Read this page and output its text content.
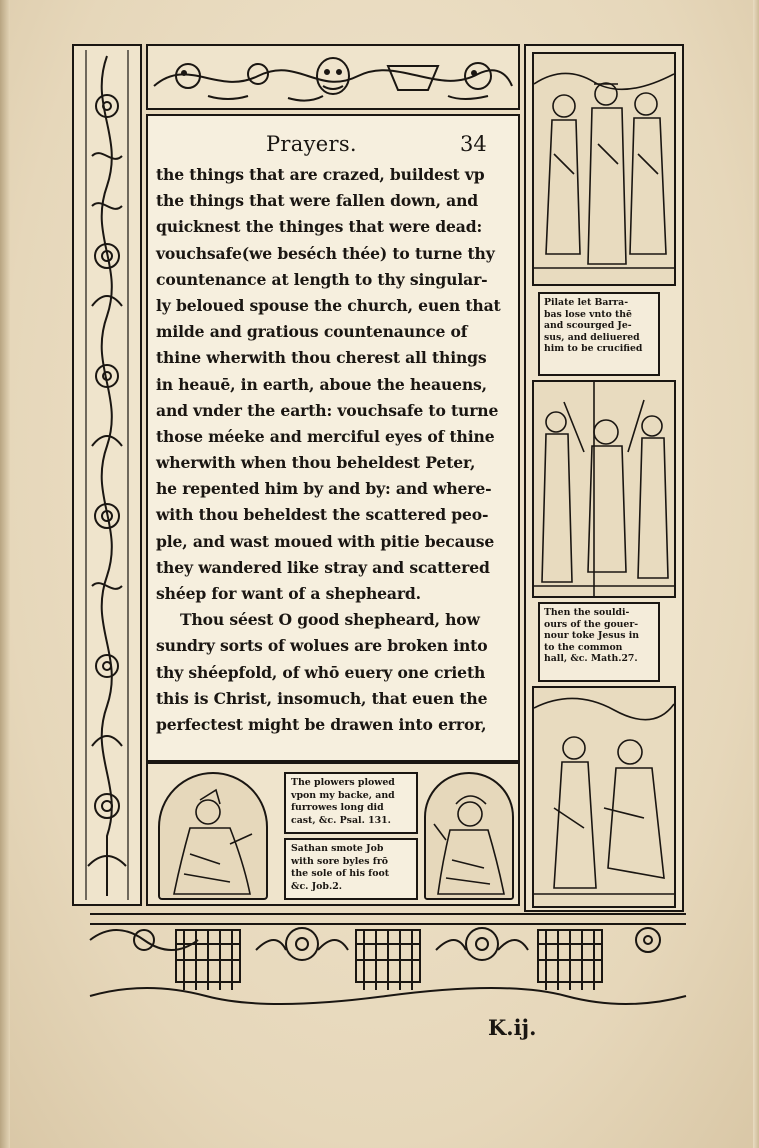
Prayers.	34
the things that are crazed, buildest vp
the things that were fallen down, and
quicknest the thinges that were dead:
vouchsafe(we beséch thée) to turne thy
countenance at length to thy singular-
ly beloued spouse the church, euen that
milde and gratious countenaunce of
thine wherwith thou cherest all things
in heauē, in earth, aboue the heauens,
and vnder the earth: vouchsafe to turne
those méeke and merciful eyes of thine
wherwith when thou beheldest Peter,
he repented him by and by: and where-
with thou beheldest the scattered peo-
ple, and wast moued with pitie because
they wandered like stray and scattered
shéep for want of a shepheard.
Thou séest O good shepheard, how
sundry sorts of wolues are broken into
thy shéepfold, of whō euery one crieth
this is Christ, insomuch, that euen the
perfectest might be drawen into error,
Pilate let Barra-
bas lose vnto thē
and scourged Je-
sus, and deliuered
him to be crucified
Then the souldi-
ours of the gouer-
nour toke Jesus in
to the common
hall, &c. Math.27.
The plowers plowed
vpon my backe, and
furrowes long did
cast, &c. Psal. 131.
Sathan smote Job
with sore byles frō
the sole of his foot
&c. Job.2.
K.ij.
